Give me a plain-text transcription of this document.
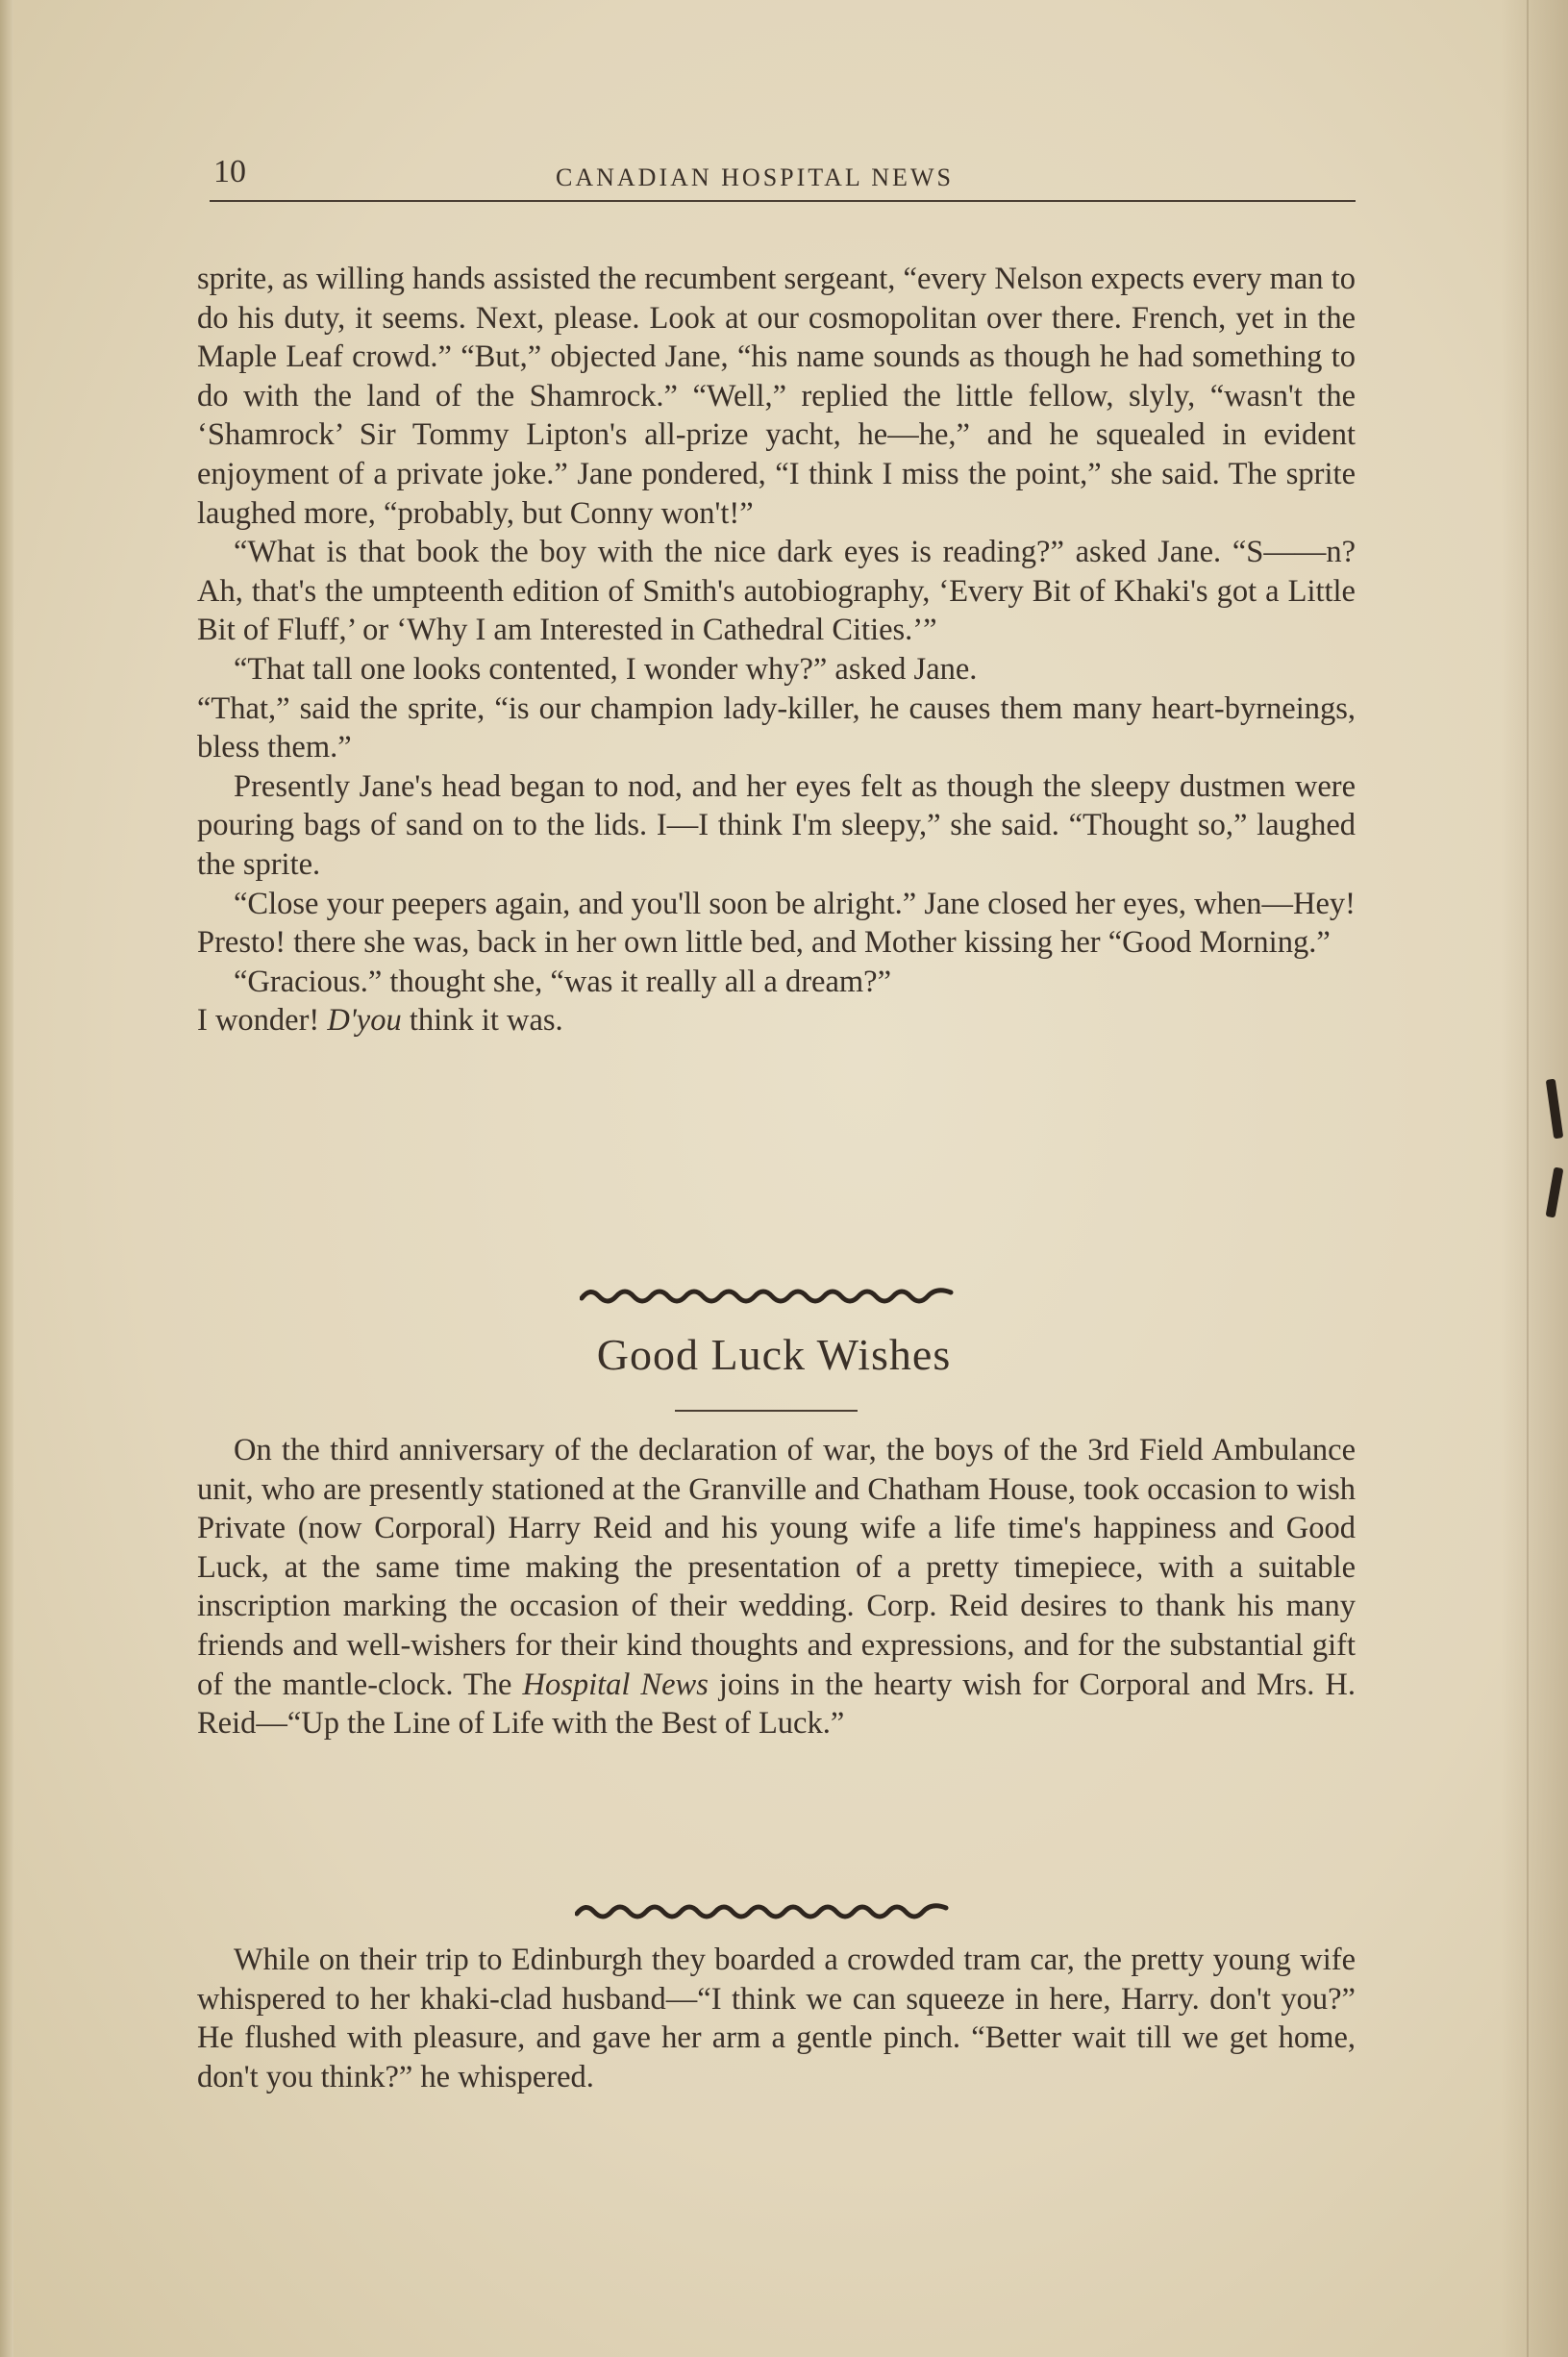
10	CANADIAN HOSPITAL NEWS

sprite, as willing hands assisted the recumbent sergeant, “every Nelson expects every man to do his duty, it seems. Next, please. Look at our cosmopolitan over there. French, yet in the Maple Leaf crowd.” “But,” objected Jane, “his name sounds as though he had something to do with the land of the Shamrock.” “Well,” replied the little fellow, slyly, “wasn't the ‘Shamrock’ Sir Tommy Lipton's all-prize yacht, he—he,” and he squealed in evident enjoyment of a private joke.” Jane pondered, “I think I miss the point,” she said. The sprite laughed more, “probably, but Conny won't!”

“What is that book the boy with the nice dark eyes is reading?” asked Jane. “S——n? Ah, that's the umpteenth edition of Smith's autobiography, ‘Every Bit of Khaki's got a Little Bit of Fluff,’ or ‘Why I am Interested in Cathedral Cities.’”

“That tall one looks contented, I wonder why?” asked Jane.

“That,” said the sprite, “is our champion lady-killer, he causes them many heart-byrneings, bless them.”

Presently Jane's head began to nod, and her eyes felt as though the sleepy dustmen were pouring bags of sand on to the lids. I—I think I'm sleepy,” she said. “Thought so,” laughed the sprite.

“Close your peepers again, and you'll soon be alright.” Jane closed her eyes, when—Hey! Presto! there she was, back in her own little bed, and Mother kissing her “Good Morning.”

“Gracious.” thought she, “was it really all a dream?”

I wonder! D'you think it was.

Good Luck Wishes

On the third anniversary of the declaration of war, the boys of the 3rd Field Ambulance unit, who are presently stationed at the Granville and Chatham House, took occasion to wish Private (now Corporal) Harry Reid and his young wife a life time's happiness and Good Luck, at the same time making the presentation of a pretty timepiece, with a suitable inscription marking the occasion of their wedding. Corp. Reid desires to thank his many friends and well-wishers for their kind thoughts and expressions, and for the substantial gift of the mantle-clock. The Hospital News joins in the hearty wish for Corporal and Mrs. H. Reid—“Up the Line of Life with the Best of Luck.”

While on their trip to Edinburgh they boarded a crowded tram car, the pretty young wife whispered to her khaki-clad husband—“I think we can squeeze in here, Harry. don't you?” He flushed with pleasure, and gave her arm a gentle pinch. “Better wait till we get home, don't you think?” he whispered.
